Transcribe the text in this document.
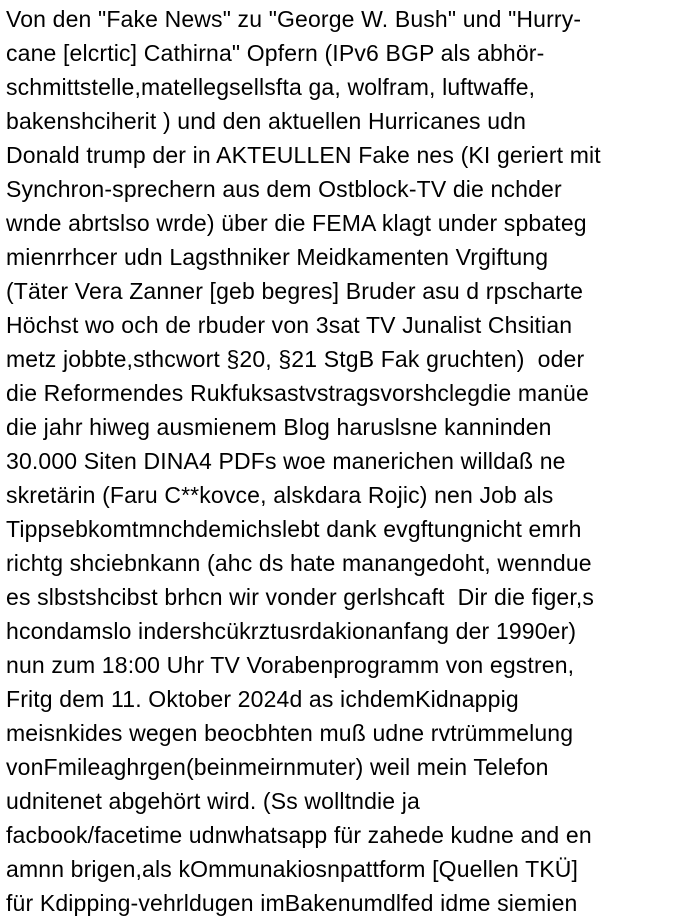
Von den "Fake News" zu "George W. Bush" und "Hurry-
cane [elcrtic] Cathirna" Opfern (IPv6 BGP als abhör-
schmittstelle,matellegsellsfta ga, wolfram, luftwaffe,
bakenshciherit ) und den aktuellen Hurricanes udn
Donald trump der in AKTEULLEN Fake nes (KI geriert mit
Synchron-sprechern aus dem Ostblock-TV die nchder
wnde abrtslso wrde) über die FEMA klagt under spbateg
mienrrhcer udn Lagsthniker Meidkamenten Vrgiftung
(Täter Vera Zanner [geb begres] Bruder asu d rpscharte
Höchst wo och de rbuder von 3sat TV Junalist Chsitian
metz jobbte,sthcwort §20, §21 StgB Fak gruchten)  oder
die Reformendes Rukfuksastvstragsvorshclegdie manüe
die jahr hiweg ausmienem Blog haruslsne kanninden
30.000 Siten DINA4 PDFs woe manerichen willdaß ne
skretärin (Faru C**kovce, alskdara Rojic) nen Job als
Tippsebkomtmnchdemichslebt dank evgftungnicht emrh
richtg shciebnkann (ahc ds hate manangedoht, wenndue
es slbstshcibst brhcn wir vonder gerlshcaft  Dir die figer,s
hcondamslo indershcükrztusrdakionanfang der 1990er)
nun zum 18:00 Uhr TV Vorabenprogramm von egstren,
Fritg dem 11. Oktober 2024d as ichdemKidnappig
meisnkides wegen beocbhten muß udne rvtrümmelung
vonFmileaghrgen(beinmeirnmuter) weil mein Telefon
udnitenet abgehört wird. (Ss wolltndie ja
facbook/facetime udnwhatsapp für zahede kudne and en
amnn brigen,als kOmmunakiosnpattform [Quellen TKÜ]
für Kdipping-vehrldugen imBakenumdlfed idme siemien
